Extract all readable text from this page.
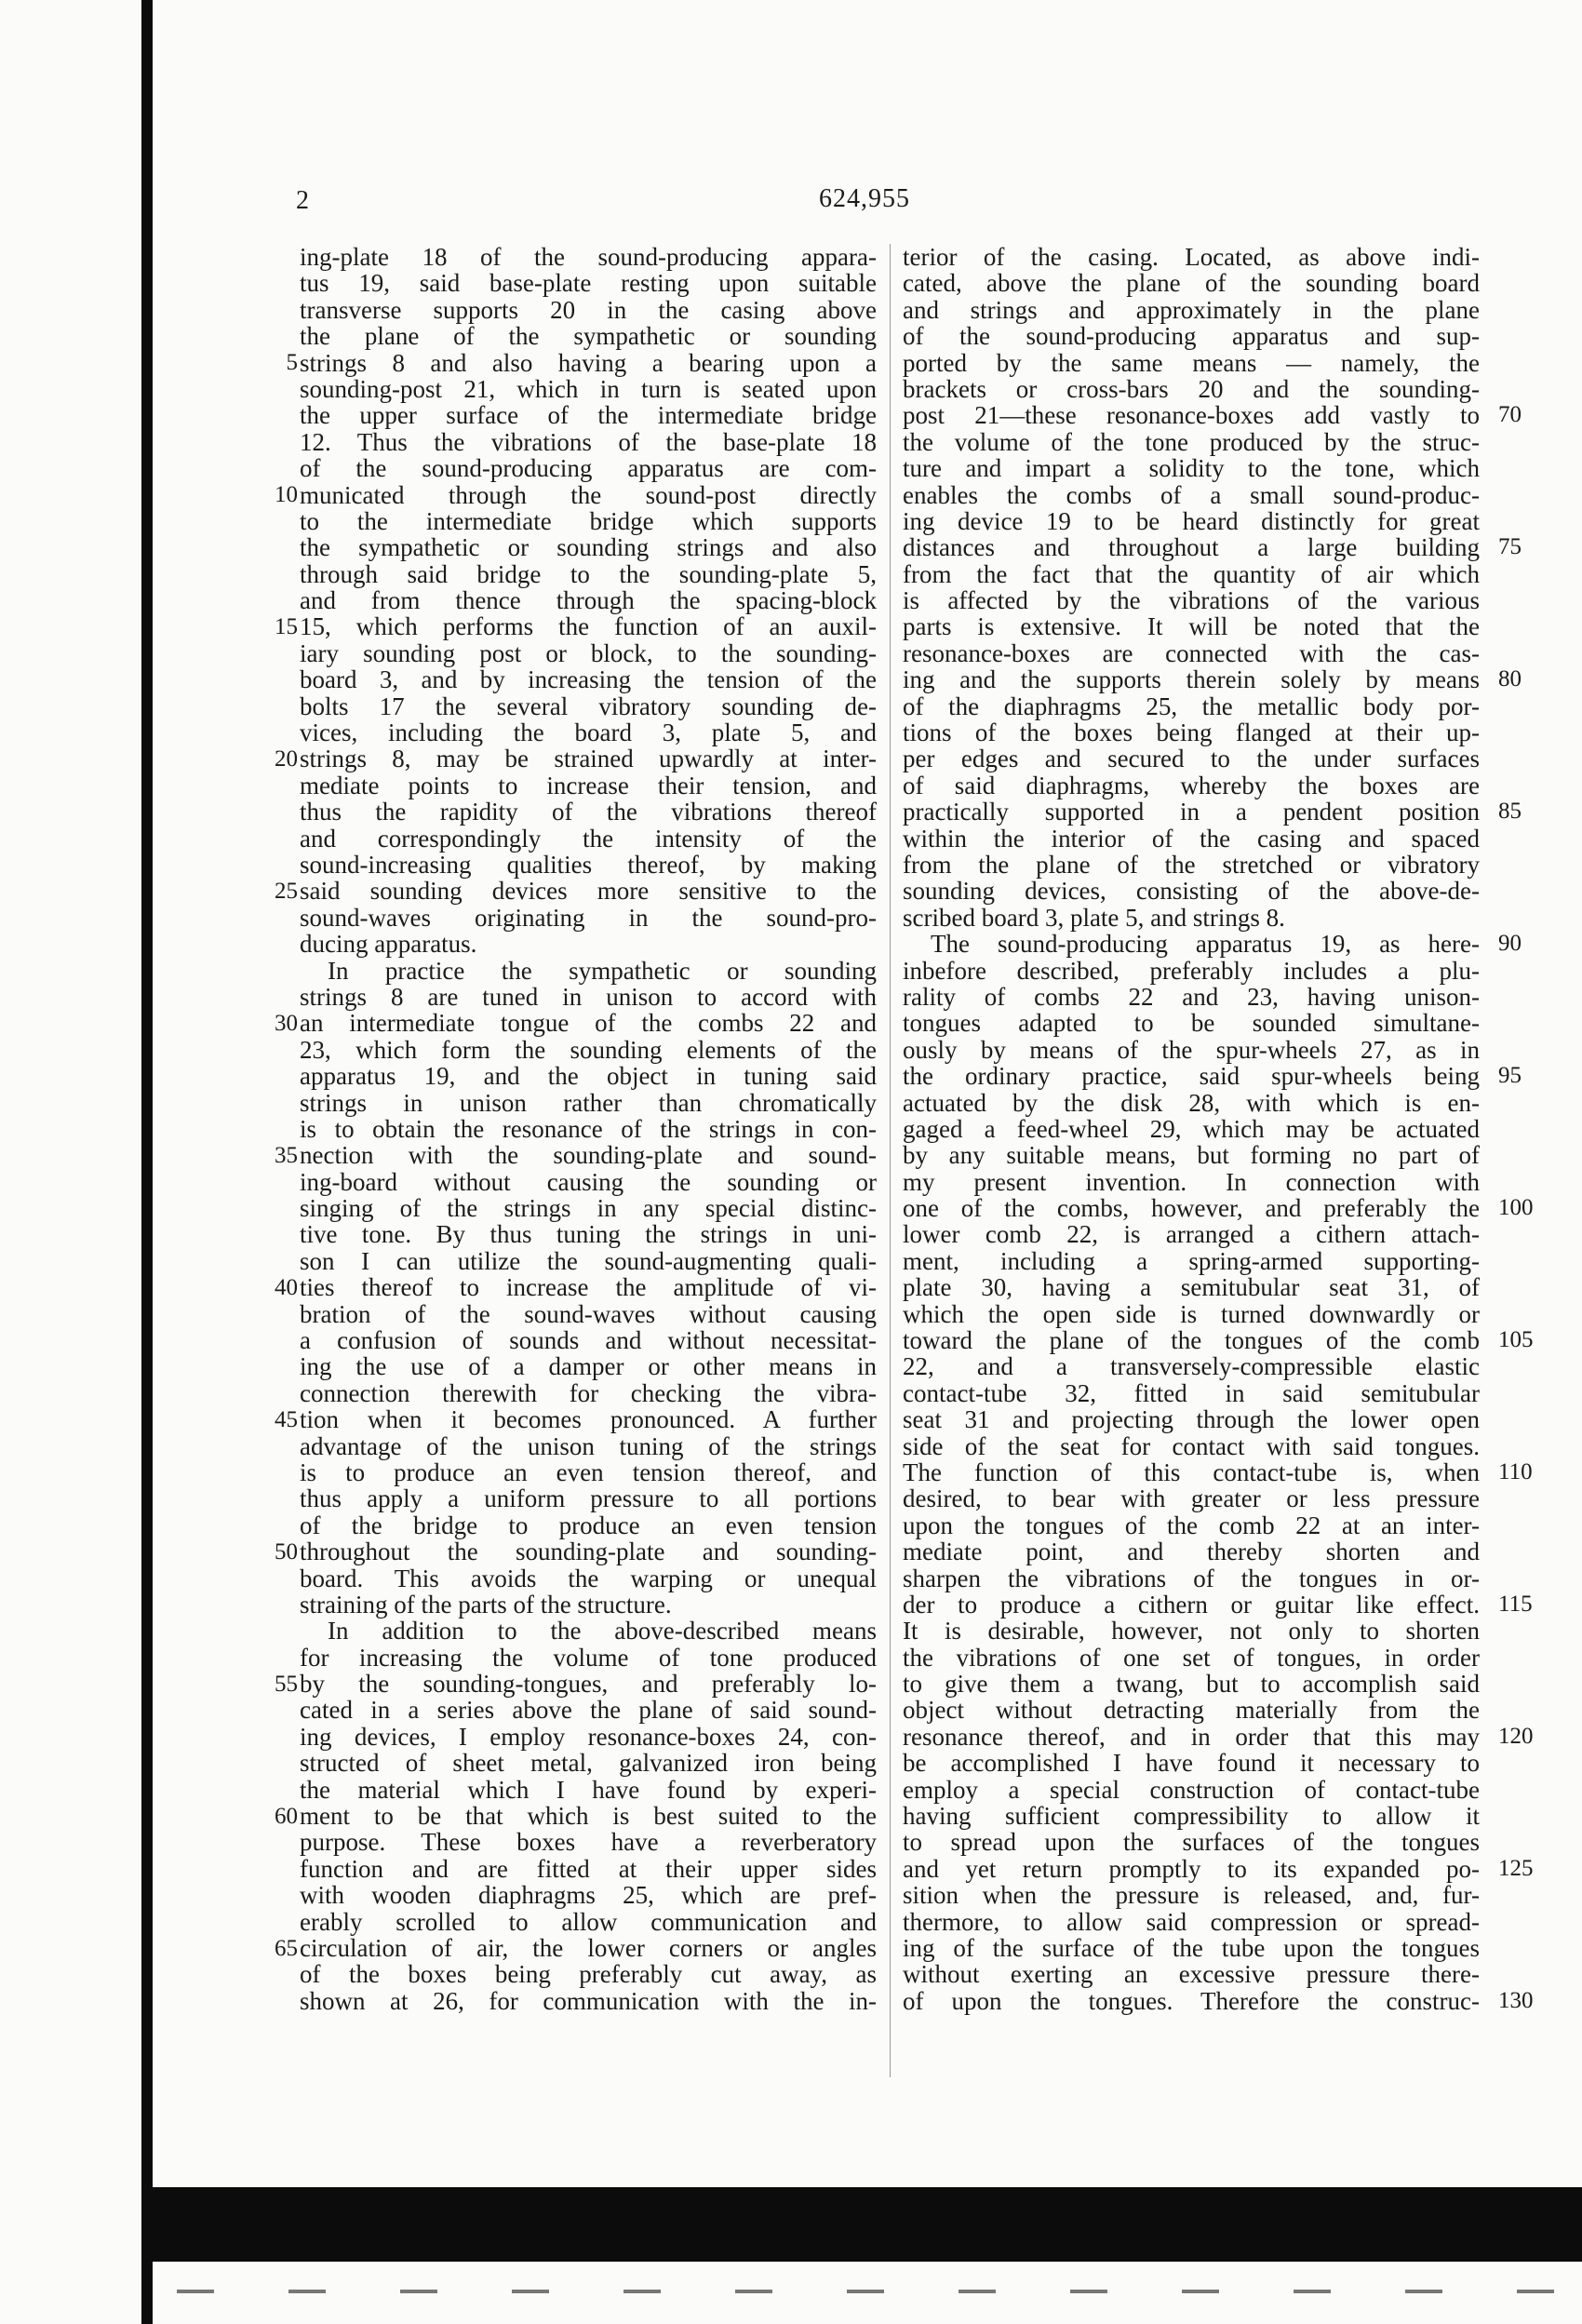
2	624,955
ing-plate 18 of the sound-producing appara-
tus 19, said base-plate resting upon suitable
transverse supports 20 in the casing above
the plane of the sympathetic or sounding
strings 8 and also having a bearing upon a
sounding-post 21, which in turn is seated upon
the upper surface of the intermediate bridge
12. Thus the vibrations of the base-plate 18
of the sound-producing apparatus are com-
municated through the sound-post directly
to the intermediate bridge which supports
the sympathetic or sounding strings and also
through said bridge to the sounding-plate 5,
and from thence through the spacing-block
15, which performs the function of an auxil-
iary sounding post or block, to the sounding-
board 3, and by increasing the tension of the
bolts 17 the several vibratory sounding de-
vices, including the board 3, plate 5, and
strings 8, may be strained upwardly at inter-
mediate points to increase their tension, and
thus the rapidity of the vibrations thereof
and correspondingly the intensity of the
sound-increasing qualities thereof, by making
said sounding devices more sensitive to the
sound-waves originating in the sound-pro-
ducing apparatus.
In practice the sympathetic or sounding
strings 8 are tuned in unison to accord with
an intermediate tongue of the combs 22 and
23, which form the sounding elements of the
apparatus 19, and the object in tuning said
strings in unison rather than chromatically
is to obtain the resonance of the strings in con-
nection with the sounding-plate and sound-
ing-board without causing the sounding or
singing of the strings in any special distinc-
tive tone. By thus tuning the strings in uni-
son I can utilize the sound-augmenting quali-
ties thereof to increase the amplitude of vi-
bration of the sound-waves without causing
a confusion of sounds and without necessitat-
ing the use of a damper or other means in
connection therewith for checking the vibra-
tion when it becomes pronounced. A further
advantage of the unison tuning of the strings
is to produce an even tension thereof, and
thus apply a uniform pressure to all portions
of the bridge to produce an even tension
throughout the sounding-plate and sounding-
board. This avoids the warping or unequal
straining of the parts of the structure.
In addition to the above-described means
for increasing the volume of tone produced
by the sounding-tongues, and preferably lo-
cated in a series above the plane of said sound-
ing devices, I employ resonance-boxes 24, con-
structed of sheet metal, galvanized iron being
the material which I have found by experi-
ment to be that which is best suited to the
purpose. These boxes have a reverberatory
function and are fitted at their upper sides
with wooden diaphragms 25, which are pref-
erably scrolled to allow communication and
circulation of air, the lower corners or angles
of the boxes being preferably cut away, as
shown at 26, for communication with the in-
terior of the casing. Located, as above indi-
cated, above the plane of the sounding board
and strings and approximately in the plane
of the sound-producing apparatus and sup-
ported by the same means — namely, the
brackets or cross-bars 20 and the sounding-
post 21—these resonance-boxes add vastly to
the volume of the tone produced by the struc-
ture and impart a solidity to the tone, which
enables the combs of a small sound-produc-
ing device 19 to be heard distinctly for great
distances and throughout a large building
from the fact that the quantity of air which
is affected by the vibrations of the various
parts is extensive. It will be noted that the
resonance-boxes are connected with the cas-
ing and the supports therein solely by means
of the diaphragms 25, the metallic body por-
tions of the boxes being flanged at their up-
per edges and secured to the under surfaces
of said diaphragms, whereby the boxes are
practically supported in a pendent position
within the interior of the casing and spaced
from the plane of the stretched or vibratory
sounding devices, consisting of the above-de-
scribed board 3, plate 5, and strings 8.
The sound-producing apparatus 19, as here-
inbefore described, preferably includes a plu-
rality of combs 22 and 23, having unison-
tongues adapted to be sounded simultane-
ously by means of the spur-wheels 27, as in
the ordinary practice, said spur-wheels being
actuated by the disk 28, with which is en-
gaged a feed-wheel 29, which may be actuated
by any suitable means, but forming no part of
my present invention. In connection with
one of the combs, however, and preferably the
lower comb 22, is arranged a cithern attach-
ment, including a spring-armed supporting-
plate 30, having a semitubular seat 31, of
which the open side is turned downwardly or
toward the plane of the tongues of the comb
22, and a transversely-compressible elastic
contact-tube 32, fitted in said semitubular
seat 31 and projecting through the lower open
side of the seat for contact with said tongues.
The function of this contact-tube is, when
desired, to bear with greater or less pressure
upon the tongues of the comb 22 at an inter-
mediate point, and thereby shorten and
sharpen the vibrations of the tongues in or-
der to produce a cithern or guitar like effect.
It is desirable, however, not only to shorten
the vibrations of one set of tongues, in order
to give them a twang, but to accomplish said
object without detracting materially from the
resonance thereof, and in order that this may
be accomplished I have found it necessary to
employ a special construction of contact-tube
having sufficient compressibility to allow it
to spread upon the surfaces of the tongues
and yet return promptly to its expanded po-
sition when the pressure is released, and, fur-
thermore, to allow said compression or spread-
ing of the surface of the tube upon the tongues
without exerting an excessive pressure there-
of upon the tongues. Therefore the construc-
5
10
15
20
25
30
35
40
45
50
55
60
65
70
75
80
85
90
95
100
105
110
115
120
125
130
